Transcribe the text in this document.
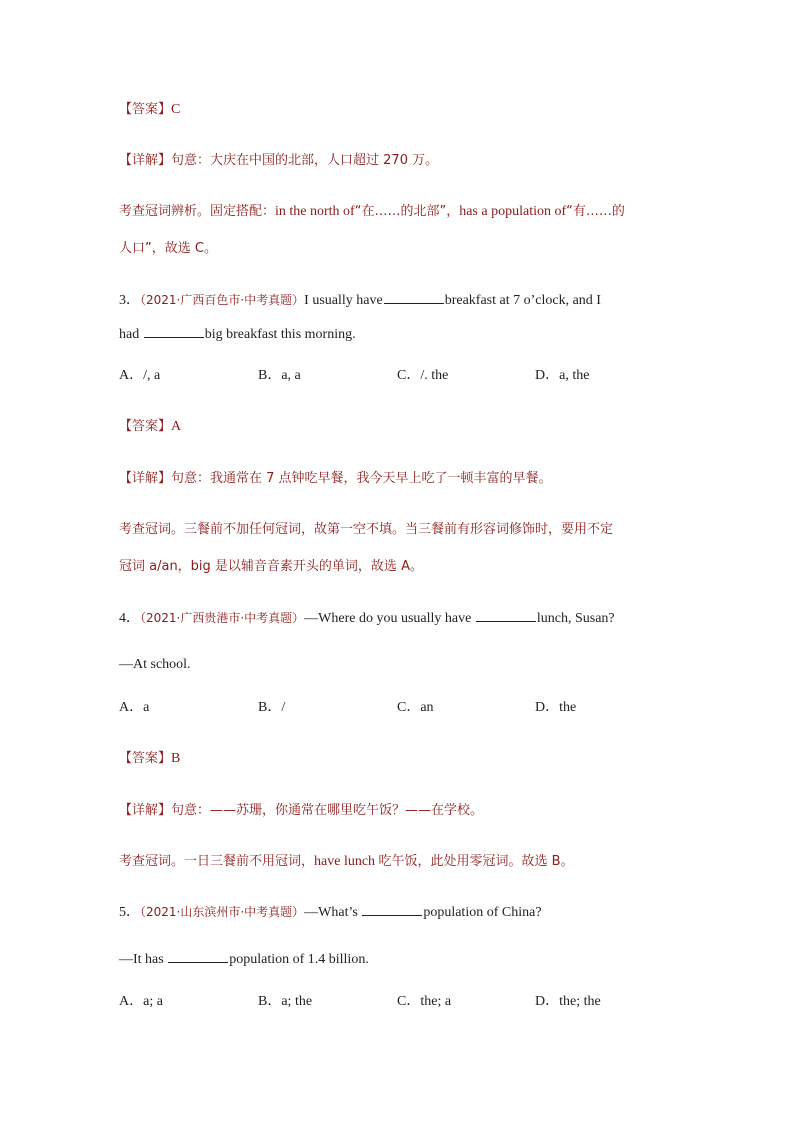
【答案】C
【详解】句意：大庆在中国的北部，人口超过 270 万。
考查冠词辨析。固定搭配：in the north of“在……的北部”，has a population of“有……的
人口”，故选 C。
3．（2021·广西百色市·中考真题）I usually have	breakfast at 7 o’clock, and I
had	big breakfast this morning.
A．/, a	B．a, a	C．/. the	D．a, the
【答案】A
【详解】句意：我通常在 7 点钟吃早餐，我今天早上吃了一顿丰富的早餐。
考查冠词。三餐前不加任何冠词，故第一空不填。当三餐前有形容词修饰时，要用不定
冠词 a/an，big 是以辅音音素开头的单词，故选 A。
4．（2021·广西贵港市·中考真题）—Where do you usually have	lunch, Susan?
—At school.
A．a	B．/	C．an	D．the
【答案】B
【详解】句意：——苏珊，你通常在哪里吃午饭？——在学校。
考查冠词。一日三餐前不用冠词，have lunch 吃午饭，此处用零冠词。故选 B。
5．（2021·山东滨州市·中考真题）—What’s	population of China?
—It has	population of 1.4 billion.
A．a; a	B．a; the	C．the; a	D．the; the
